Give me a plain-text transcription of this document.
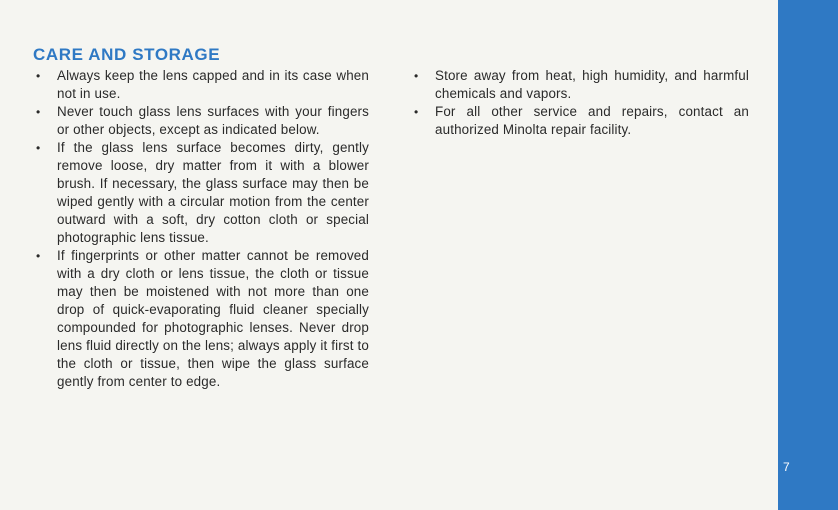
CARE AND STORAGE
•	Always keep the lens capped and in its case when not in use.
•	Never touch glass lens surfaces with your fingers or other objects, except as indicated below.
•	If the glass lens surface becomes dirty, gently remove loose, dry matter from it with a blower brush. If necessary, the glass surface may then be wiped gently with a circular motion from the center outward with a soft, dry cotton cloth or special photographic lens tissue.
•	If fingerprints or other matter cannot be removed with a dry cloth or lens tissue, the cloth or tissue may then be moistened with not more than one drop of quick-evaporating fluid cleaner specially compounded for photographic lenses. Never drop lens fluid directly on the lens; always apply it first to the cloth or tissue, then wipe the glass surface gently from center to edge.
•	Store away from heat, high humidity, and harmful chemicals and vapors.
•	For all other service and repairs, contact an authorized Minolta repair facility.
7
